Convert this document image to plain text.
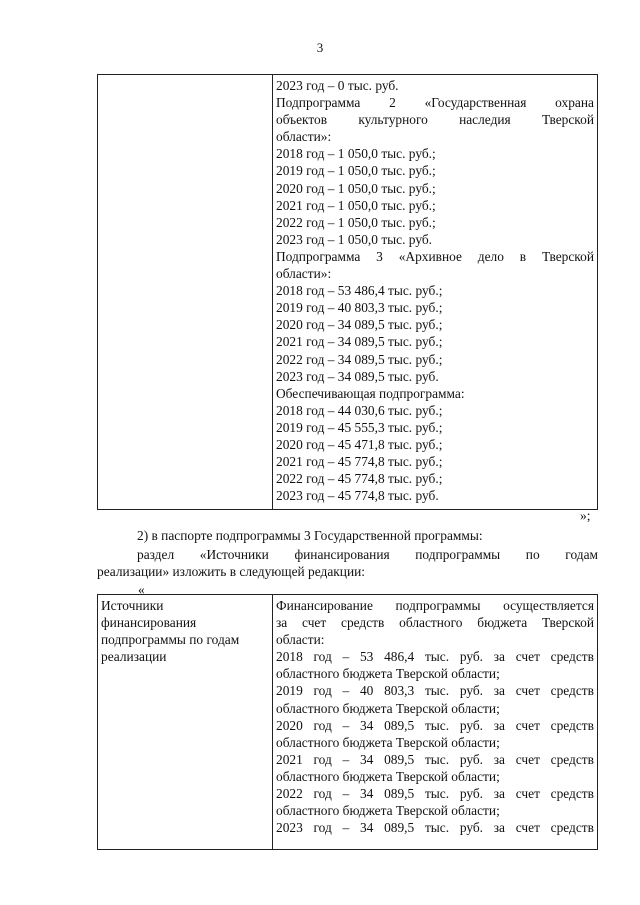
3

2023 год – 0 тыс. руб.
Подпрограмма 2 «Государственная охрана
объектов культурного наследия Тверской
области»:
2018 год – 1 050,0 тыс. руб.;
2019 год – 1 050,0 тыс. руб.;
2020 год – 1 050,0 тыс. руб.;
2021 год – 1 050,0 тыс. руб.;
2022 год – 1 050,0 тыс. руб.;
2023 год – 1 050,0 тыс. руб.
Подпрограмма 3 «Архивное дело в Тверской
области»:
2018 год – 53 486,4 тыс. руб.;
2019 год – 40 803,3 тыс. руб.;
2020 год – 34 089,5 тыс. руб.;
2021 год – 34 089,5 тыс. руб.;
2022 год – 34 089,5 тыс. руб.;
2023 год – 34 089,5 тыс. руб.
Обеспечивающая подпрограмма:
2018 год – 44 030,6 тыс. руб.;
2019 год – 45 555,3 тыс. руб.;
2020 год – 45 471,8 тыс. руб.;
2021 год – 45 774,8 тыс. руб.;
2022 год – 45 774,8 тыс. руб.;
2023 год – 45 774,8 тыс. руб.
»;
2) в паспорте подпрограммы 3 Государственной программы:
раздел «Источники финансирования подпрограммы по годам
реализации» изложить в следующей редакции:
«
Источники
финансирования
подпрограммы по годам
реализации

Финансирование подпрограммы осуществляется
за счет средств областного бюджета Тверской
области:
2018 год – 53 486,4 тыс. руб. за счет средств
областного бюджета Тверской области;
2019 год – 40 803,3 тыс. руб. за счет средств
областного бюджета Тверской области;
2020 год – 34 089,5 тыс. руб. за счет средств
областного бюджета Тверской области;
2021 год – 34 089,5 тыс. руб. за счет средств
областного бюджета Тверской области;
2022 год – 34 089,5 тыс. руб. за счет средств
областного бюджета Тверской области;
2023 год – 34 089,5 тыс. руб. за счет средств
